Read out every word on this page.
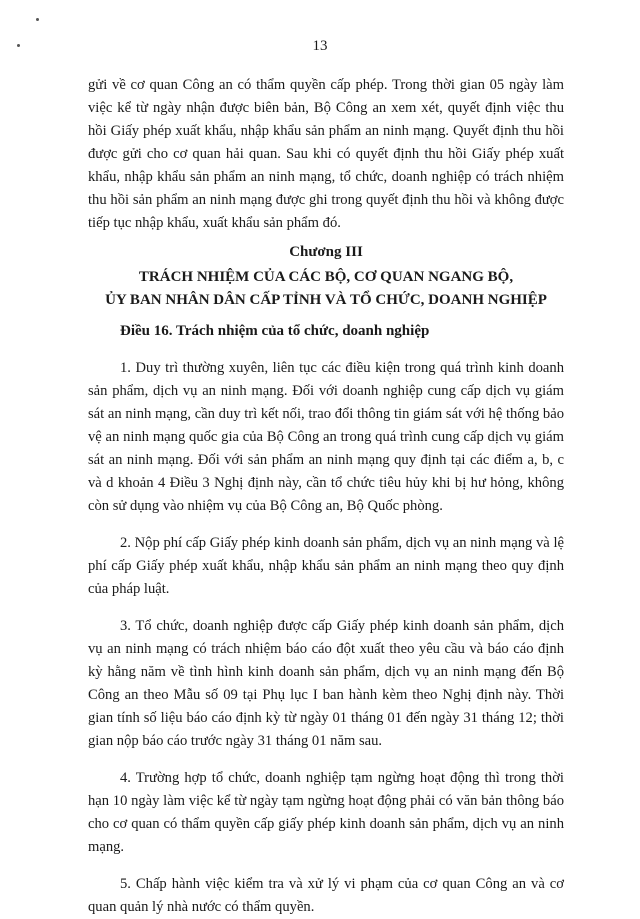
13

gửi về cơ quan Công an có thẩm quyền cấp phép. Trong thời gian 05 ngày làm việc kể từ ngày nhận được biên bản, Bộ Công an xem xét, quyết định việc thu hồi Giấy phép xuất khẩu, nhập khẩu sản phẩm an ninh mạng. Quyết định thu hồi được gửi cho cơ quan hải quan. Sau khi có quyết định thu hồi Giấy phép xuất khẩu, nhập khẩu sản phẩm an ninh mạng, tổ chức, doanh nghiệp có trách nhiệm thu hồi sản phẩm an ninh mạng được ghi trong quyết định thu hồi và không được tiếp tục nhập khẩu, xuất khẩu sản phẩm đó.

Chương III

TRÁCH NHIỆM CỦA CÁC BỘ, CƠ QUAN NGANG BỘ,

ỦY BAN NHÂN DÂN CẤP TỈNH VÀ TỔ CHỨC, DOANH NGHIỆP

Điều 16. Trách nhiệm của tổ chức, doanh nghiệp

1. Duy trì thường xuyên, liên tục các điều kiện trong quá trình kinh doanh sản phẩm, dịch vụ an ninh mạng. Đối với doanh nghiệp cung cấp dịch vụ giám sát an ninh mạng, cần duy trì kết nối, trao đổi thông tin giám sát với hệ thống bảo vệ an ninh mạng quốc gia của Bộ Công an trong quá trình cung cấp dịch vụ giám sát an ninh mạng. Đối với sản phẩm an ninh mạng quy định tại các điểm a, b, c và d khoản 4 Điều 3 Nghị định này, cần tổ chức tiêu hủy khi bị hư hỏng, không còn sử dụng vào nhiệm vụ của Bộ Công an, Bộ Quốc phòng.

2. Nộp phí cấp Giấy phép kinh doanh sản phẩm, dịch vụ an ninh mạng và lệ phí cấp Giấy phép xuất khẩu, nhập khẩu sản phẩm an ninh mạng theo quy định của pháp luật.

3. Tổ chức, doanh nghiệp được cấp Giấy phép kinh doanh sản phẩm, dịch vụ an ninh mạng có trách nhiệm báo cáo đột xuất theo yêu cầu và báo cáo định kỳ hằng năm về tình hình kinh doanh sản phẩm, dịch vụ an ninh mạng đến Bộ Công an theo Mẫu số 09 tại Phụ lục I ban hành kèm theo Nghị định này. Thời gian tính số liệu báo cáo định kỳ từ ngày 01 tháng 01 đến ngày 31 tháng 12; thời gian nộp báo cáo trước ngày 31 tháng 01 năm sau.

4. Trường hợp tổ chức, doanh nghiệp tạm ngừng hoạt động thì trong thời hạn 10 ngày làm việc kể từ ngày tạm ngừng hoạt động phải có văn bản thông báo cho cơ quan có thẩm quyền cấp giấy phép kinh doanh sản phẩm, dịch vụ an ninh mạng.

5. Chấp hành việc kiểm tra và xử lý vi phạm của cơ quan Công an và cơ quan quản lý nhà nước có thẩm quyền.
